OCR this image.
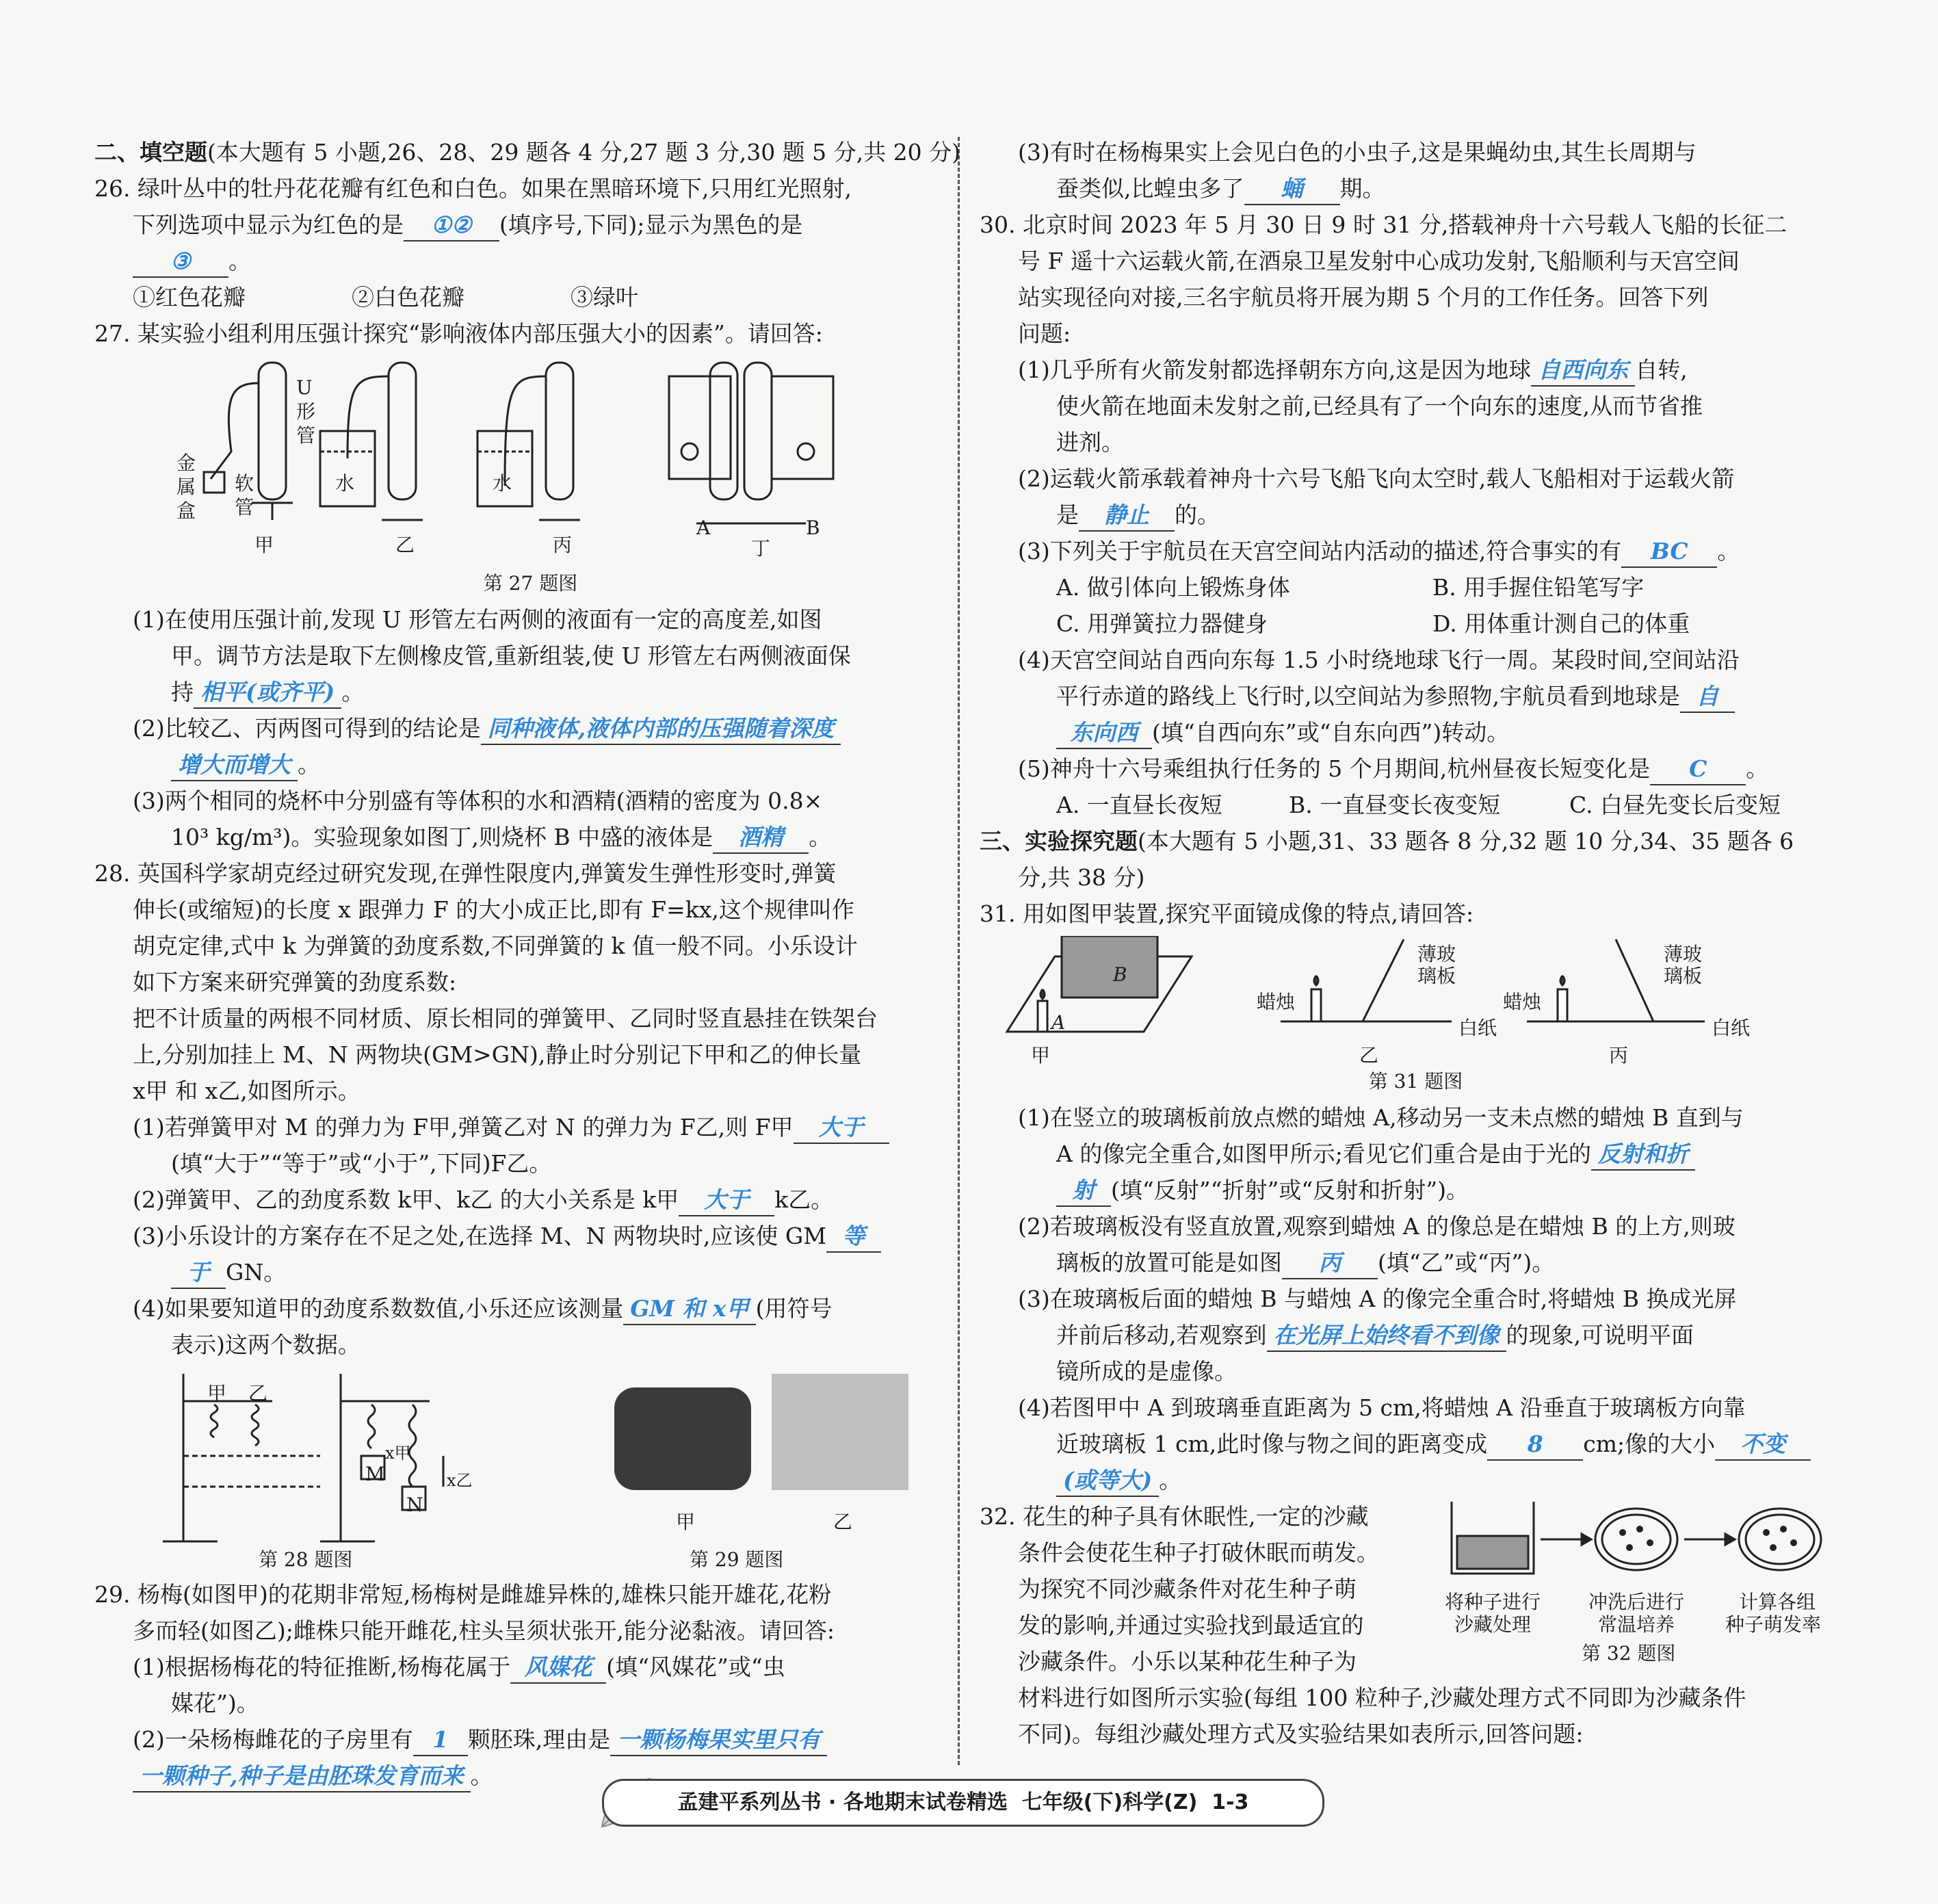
二、填空题(本大题有 5 小题,26、28、29 题各 4 分,27 题 3 分,30 题 5 分,共 20 分)
26. 绿叶丛中的牡丹花花瓣有红色和白色。如果在黑暗环境下,只用红光照射,
下列选项中显示为红色的是 ①② (填序号,下同);显示为黑色的是
③ 。
①红色花瓣	②白色花瓣	③绿叶
27. 某实验小组利用压强计探究“影响液体内部压强大小的因素”。请回答:
甲	乙	丙	丁
A	B
U
形
管
金
属
盒
软
管
水	水
第 27 题图
(1)在使用压强计前,发现 U 形管左右两侧的液面有一定的高度差,如图
甲。调节方法是取下左侧橡皮管,重新组装,使 U 形管左右两侧液面保
持 相平(或齐平) 。
(2)比较乙、丙两图可得到的结论是 同种液体,液体内部的压强随着深度
增大而增大 。
(3)两个相同的烧杯中分别盛有等体积的水和酒精(酒精的密度为 0.8×
10³ kg/m³)。实验现象如图丁,则烧杯 B 中盛的液体是 酒精 。
28. 英国科学家胡克经过研究发现,在弹性限度内,弹簧发生弹性形变时,弹簧
伸长(或缩短)的长度 x 跟弹力 F 的大小成正比,即有 F=kx,这个规律叫作
胡克定律,式中 k 为弹簧的劲度系数,不同弹簧的 k 值一般不同。小乐设计
如下方案来研究弹簧的劲度系数:
把不计质量的两根不同材质、原长相同的弹簧甲、乙同时竖直悬挂在铁架台
上,分别加挂上 M、N 两物块(GM>GN),静止时分别记下甲和乙的伸长量
x甲 和 x乙,如图所示。
(1)若弹簧甲对 M 的弹力为 F甲,弹簧乙对 N 的弹力为 F乙,则 F甲 大于
(填“大于”“等于”或“小于”,下同)F乙。
(2)弹簧甲、乙的劲度系数 k甲、k乙 的大小关系是 k甲 大于 k乙。
(3)小乐设计的方案存在不足之处,在选择 M、N 两物块时,应该使 GM 等
于 GN。
(4)如果要知道甲的劲度系数数值,小乐还应该测量 GM 和 x甲 (用符号
表示)这两个数据。
甲 乙
M
N
x甲
x乙
甲	乙
第 28 题图	第 29 题图
29. 杨梅(如图甲)的花期非常短,杨梅树是雌雄异株的,雄株只能开雄花,花粉
多而轻(如图乙);雌株只能开雌花,柱头呈须状张开,能分泌黏液。请回答:
(1)根据杨梅花的特征推断,杨梅花属于 风媒花 (填“风媒花”或“虫
媒花”)。
(2)一朵杨梅雌花的子房里有 1 颗胚珠,理由是 一颗杨梅果实里只有
一颗种子,种子是由胚珠发育而来 。
(3)有时在杨梅果实上会见白色的小虫子,这是果蝇幼虫,其生长周期与
蚕类似,比蝗虫多了 蛹 期。
30. 北京时间 2023 年 5 月 30 日 9 时 31 分,搭载神舟十六号载人飞船的长征二
号 F 遥十六运载火箭,在酒泉卫星发射中心成功发射,飞船顺利与天宫空间
站实现径向对接,三名宇航员将开展为期 5 个月的工作任务。回答下列
问题:
(1)几乎所有火箭发射都选择朝东方向,这是因为地球 自西向东 自转,
使火箭在地面未发射之前,已经具有了一个向东的速度,从而节省推
进剂。
(2)运载火箭承载着神舟十六号飞船飞向太空时,载人飞船相对于运载火箭
是 静止 的。
(3)下列关于宇航员在天宫空间站内活动的描述,符合事实的有 BC 。
A. 做引体向上锻炼身体	B. 用手握住铅笔写字
C. 用弹簧拉力器健身	D. 用体重计测自己的体重
(4)天宫空间站自西向东每 1.5 小时绕地球飞行一周。某段时间,空间站沿
平行赤道的路线上飞行时,以空间站为参照物,宇航员看到地球是 自
东向西 (填“自西向东”或“自东向西”)转动。
(5)神舟十六号乘组执行任务的 5 个月期间,杭州昼夜长短变化是 C 。
A. 一直昼长夜短	B. 一直昼变长夜变短	C. 白昼先变长后变短
三、实验探究题(本大题有 5 小题,31、33 题各 8 分,32 题 10 分,34、35 题各 6
分,共 38 分)
31. 用如图甲装置,探究平面镜成像的特点,请回答:
甲	乙	丙
A
B
蜡烛	蜡烛
薄玻
璃板
薄玻
璃板
白纸	白纸
第 31 题图
(1)在竖立的玻璃板前放点燃的蜡烛 A,移动另一支未点燃的蜡烛 B 直到与
A 的像完全重合,如图甲所示;看见它们重合是由于光的 反射和折
射 (填“反射”“折射”或“反射和折射”)。
(2)若玻璃板没有竖直放置,观察到蜡烛 A 的像总是在蜡烛 B 的上方,则玻
璃板的放置可能是如图 丙 (填“乙”或“丙”)。
(3)在玻璃板后面的蜡烛 B 与蜡烛 A 的像完全重合时,将蜡烛 B 换成光屏
并前后移动,若观察到 在光屏上始终看不到像 的现象,可说明平面
镜所成的是虚像。
(4)若图甲中 A 到玻璃垂直距离为 5 cm,将蜡烛 A 沿垂直于玻璃板方向靠
近玻璃板 1 cm,此时像与物之间的距离变成 8 cm;像的大小 不变
(或等大) 。
32. 花生的种子具有休眠性,一定的沙藏
条件会使花生种子打破休眠而萌发。
为探究不同沙藏条件对花生种子萌
发的影响,并通过实验找到最适宜的
沙藏条件。小乐以某种花生种子为
将种子进行
沙藏处理
冲洗后进行
常温培养
计算各组
种子萌发率
第 32 题图
材料进行如图所示实验(每组 100 粒种子,沙藏处理方式不同即为沙藏条件
不同)。每组沙藏处理方式及实验结果如表所示,回答问题:
孟建平系列丛书 · 各地期末试卷精选 七年级(下)科学(Z) 1-3
